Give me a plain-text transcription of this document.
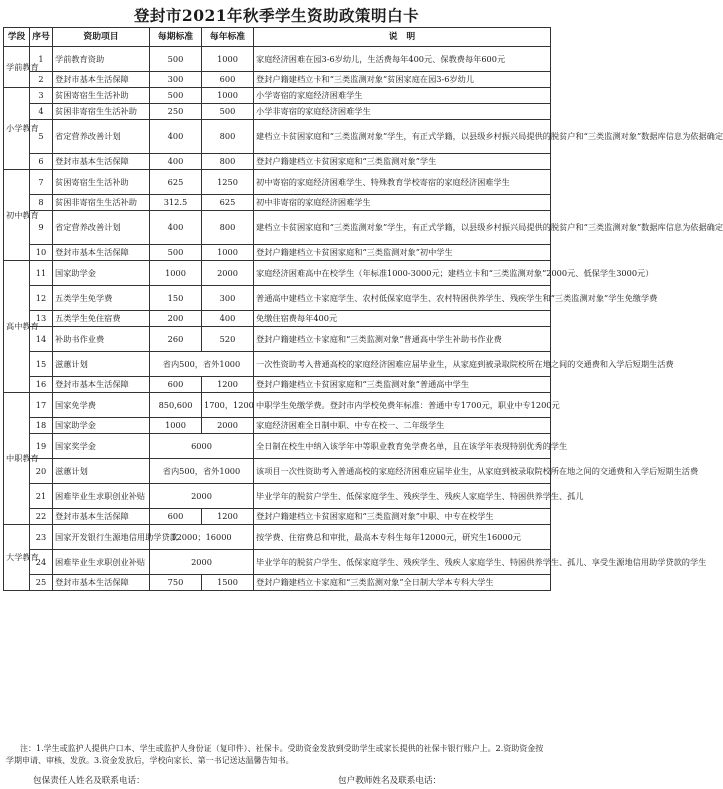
登封市2021年秋季学生资助政策明白卡
学段	序号	资助项目	每期标准	每年标准	说　明
学前教育	1	学前教育资助	500	1000	家庭经济困难在园3-6岁幼儿，生活费每年400元、保教费每年600元
	2	登封市基本生活保障	300	600	登封户籍建档立卡和“三类监测对象”贫困家庭在园3-6岁幼儿
小学教育	3	贫困寄宿生生活补助	500	1000	小学寄宿的家庭经济困难学生
	4	贫困非寄宿生生活补助	250	500	小学非寄宿的家庭经济困难学生
	5	省定营养改善计划	400	800	建档立卡贫困家庭和“三类监测对象”学生，有正式学籍，以县级乡村振兴局提供的脱贫户和“三类监测对象”数据库信息为依据确定
	6	登封市基本生活保障	400	800	登封户籍建档立卡贫困家庭和“三类监测对象”学生
初中教育	7	贫困寄宿生生活补助	625	1250	初中寄宿的家庭经济困难学生、特殊教育学校寄宿的家庭经济困难学生
	8	贫困非寄宿生生活补助	312.5	625	初中非寄宿的家庭经济困难学生
	9	省定营养改善计划	400	800	建档立卡贫困家庭和“三类监测对象”学生，有正式学籍，以县级乡村振兴局提供的脱贫户和“三类监测对象”数据库信息为依据确定
	10	登封市基本生活保障	500	1000	登封户籍建档立卡贫困家庭和“三类监测对象”初中学生
高中教育	11	国家助学金	1000	2000	家庭经济困难高中在校学生（年标准1000-3000元；建档立卡和“三类监测对象”2000元、低保学生3000元）
	12	五类学生免学费	150	300	普通高中建档立卡家庭学生、农村低保家庭学生、农村特困供养学生、残疾学生和“三类监测对象”学生免缴学费
	13	五类学生免住宿费	200	400	免缴住宿费每年400元
	14	补助书作业费	260	520	登封户籍建档立卡家庭和“三类监测对象”普通高中学生补助书作业费
	15	滋蕙计划	省内500，省外1000		一次性资助考入普通高校的家庭经济困难应届毕业生，从家庭到被录取院校所在地之间的交通费和入学后短期生活费
	16	登封市基本生活保障	600	1200	登封户籍建档立卡贫困家庭和“三类监测对象”普通高中学生
中职教育	17	国家免学费	850,600	1700，1200	中职学生免缴学费。登封市内学校免费年标准：普通中专1700元，职业中专1200元
	18	国家助学金	1000	2000	家庭经济困难全日制中职、中专在校一、二年级学生
	19	国家奖学金	6000		全日制在校生中纳入该学年中等职业教育免学费名单，且在该学年表现特别优秀的学生
	20	滋蕙计划	省内500，省外1000		该项目一次性资助考入普通高校的家庭经济困难应届毕业生，从家庭到被录取院校所在地之间的交通费和入学后短期生活费
	21	困难毕业生求职创业补贴	2000		毕业学年的脱贫户学生、低保家庭学生、残疾学生、残疾人家庭学生、特困供养学生、孤儿
	22	登封市基本生活保障	600	1200	登封户籍建档立卡贫困家庭和“三类监测对象”中职、中专在校学生
大学教育	23	国家开发银行生源地信用助学贷款	12000；16000		按学费、住宿费总和审批，最高本专科生每年12000元，研究生16000元
	24	困难毕业生求职创业补贴	2000		毕业学年的脱贫户学生、低保家庭学生、残疾学生、残疾人家庭学生、特困供养学生、孤儿、享受生源地信用助学贷款的学生
	25	登封市基本生活保障	750	1500	登封户籍建档立卡家庭和“三类监测对象”全日制大学本专科大学生
注：1.学生或监护人提供户口本、学生或监护人身份证（复印件）、社保卡。受助资金发放到受助学生或家长提供的社保卡银行账户上。2.资助资金按学期申请、审核、发放。3.资金发放后，学校向家长、第一书记送达温馨告知书。
包保责任人姓名及联系电话：	包户教师姓名及联系电话：
